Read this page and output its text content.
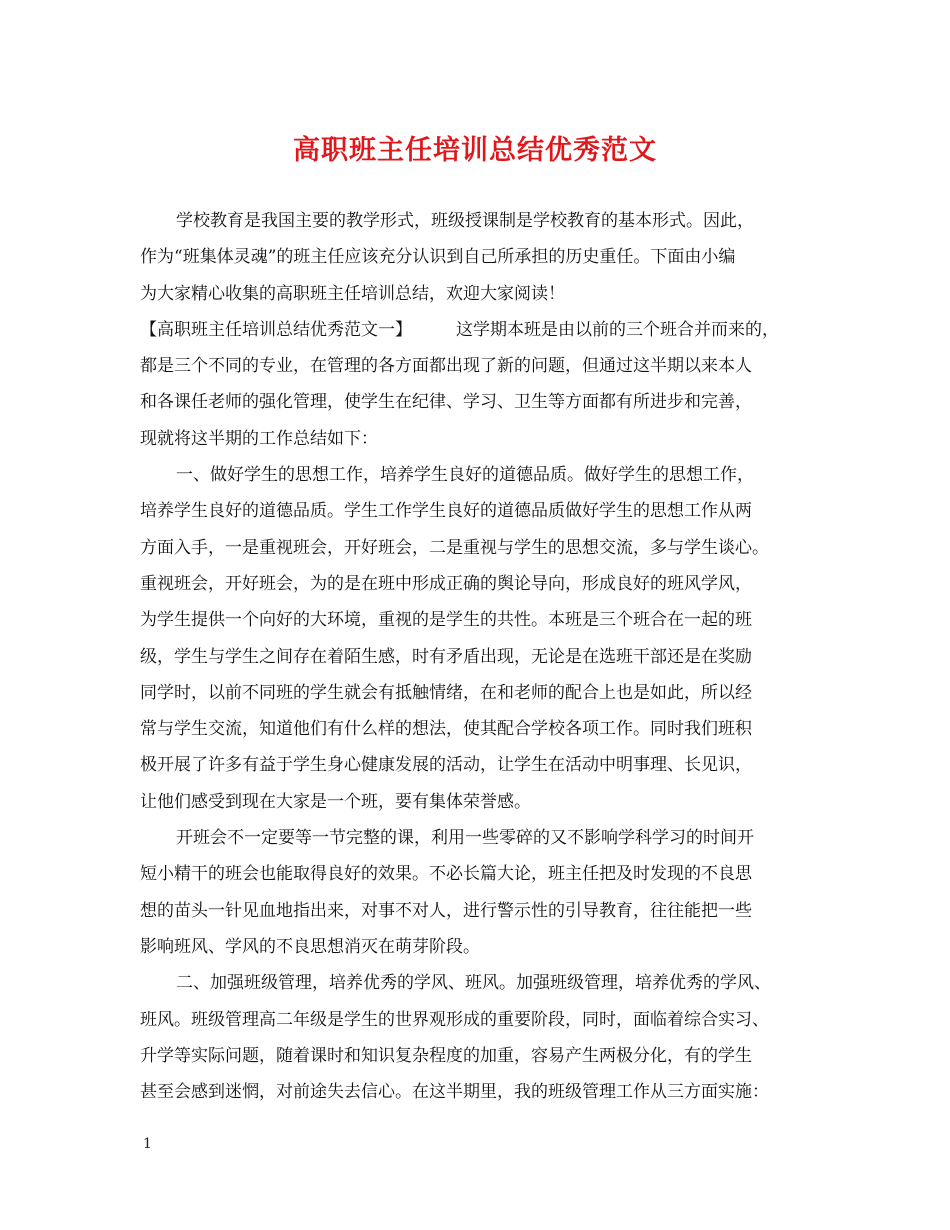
高职班主任培训总结优秀范文
学校教育是我国主要的教学形式，班级授课制是学校教育的基本形式。因此，
作为“班集体灵魂”的班主任应该充分认识到自己所承担的历史重任。下面由小编
为大家精心收集的高职班主任培训总结，欢迎大家阅读！
【高职班主任培训总结优秀范文一】	这学期本班是由以前的三个班合并而来的，
都是三个不同的专业，在管理的各方面都出现了新的问题，但通过这半期以来本人
和各课任老师的强化管理，使学生在纪律、学习、卫生等方面都有所进步和完善，
现就将这半期的工作总结如下：
一、做好学生的思想工作，培养学生良好的道德品质。做好学生的思想工作，
培养学生良好的道德品质。学生工作学生良好的道德品质做好学生的思想工作从两
方面入手，一是重视班会，开好班会，二是重视与学生的思想交流，多与学生谈心。
重视班会，开好班会，为的是在班中形成正确的舆论导向，形成良好的班风学风，
为学生提供一个向好的大环境，重视的是学生的共性。本班是三个班合在一起的班
级，学生与学生之间存在着陌生感，时有矛盾出现，无论是在选班干部还是在奖励
同学时，以前不同班的学生就会有抵触情绪，在和老师的配合上也是如此，所以经
常与学生交流，知道他们有什么样的想法，使其配合学校各项工作。同时我们班积
极开展了许多有益于学生身心健康发展的活动，让学生在活动中明事理、长见识，
让他们感受到现在大家是一个班，要有集体荣誉感。
开班会不一定要等一节完整的课，利用一些零碎的又不影响学科学习的时间开
短小精干的班会也能取得良好的效果。不必长篇大论，班主任把及时发现的不良思
想的苗头一针见血地指出来，对事不对人，进行警示性的引导教育，往往能把一些
影响班风、学风的不良思想消灭在萌芽阶段。
二、加强班级管理，培养优秀的学风、班风。加强班级管理，培养优秀的学风、
班风。班级管理高二年级是学生的世界观形成的重要阶段，同时，面临着综合实习、
升学等实际问题，随着课时和知识复杂程度的加重，容易产生两极分化，有的学生
甚至会感到迷惘，对前途失去信心。在这半期里，我的班级管理工作从三方面实施：
1
